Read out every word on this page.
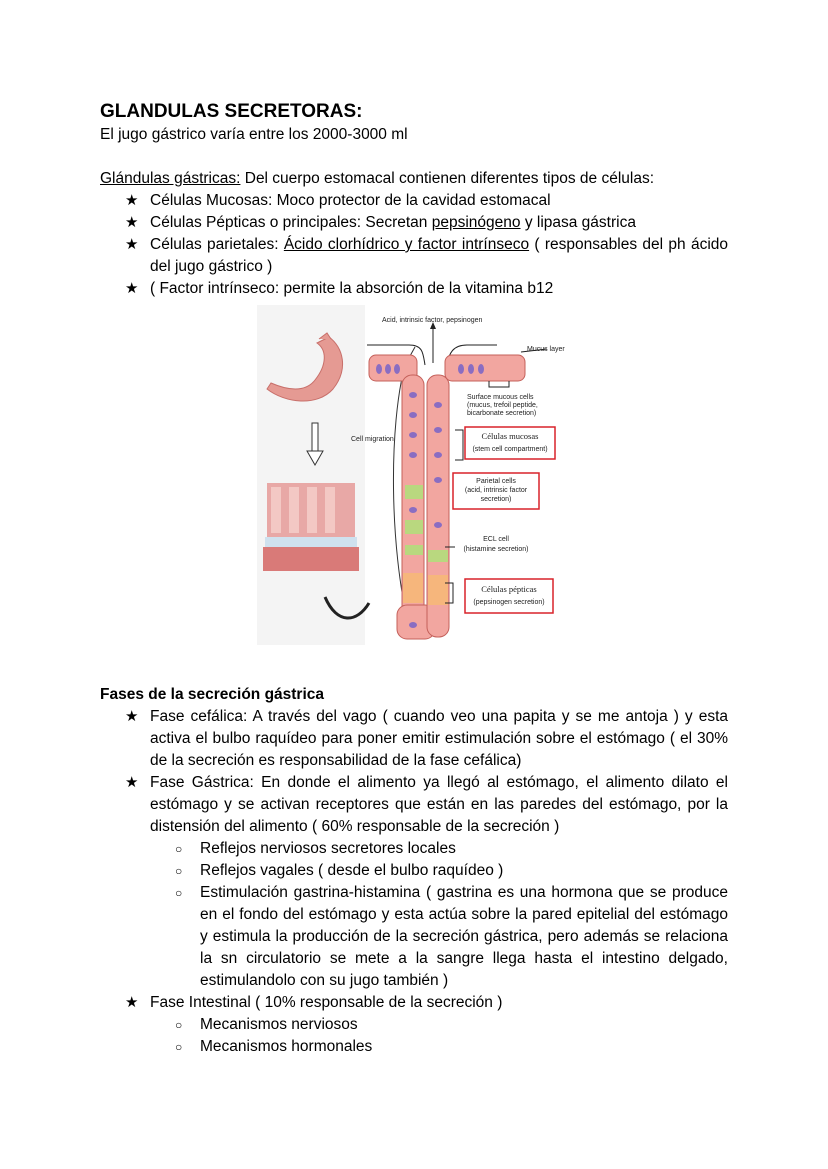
GLANDULAS SECRETORAS:

El jugo gástrico varía entre los 2000-3000 ml

Glándulas gástricas: Del cuerpo estomacal contienen diferentes tipos de células:

★ Células Mucosas: Moco protector de la cavidad estomacal
★ Células Pépticas o principales: Secretan pepsinógeno y lipasa gástrica
★ Células parietales: Ácido clorhídrico y factor intrínseco ( responsables del ph ácido del jugo gástrico )
★ ( Factor intrínseco: permite la absorción de la vitamina b12
Acid, intrinsic factor, pepsinogen
Mucus layer
Surface mucous cells
(mucus, trefoil peptide,
bicarbonate secretion)
Cell migration	Células mucosas
(stem cell compartment)
Parietal cells
(acid, intrinsic factor
secretion)
ECL cell
(histamine secretion)
Células pépticas
(pepsinogen secretion)
Fases de la secreción gástrica
★ Fase cefálica: A través del vago ( cuando veo una papita y se me antoja ) y esta activa el bulbo raquídeo para poner emitir estimulación sobre el estómago ( el 30% de la secreción es responsabilidad de la fase cefálica)
★ Fase Gástrica: En donde el alimento ya llegó al estómago, el alimento dilato el estómago y se activan receptores que están en las paredes del estómago, por la distensión del alimento ( 60% responsable de la secreción )
○ Reflejos nerviosos secretores locales
○ Reflejos vagales ( desde el bulbo raquídeo )
○ Estimulación gastrina-histamina ( gastrina es una hormona que se produce en el fondo del estómago y esta actúa sobre la pared epitelial del estómago y estimula la producción de la secreción gástrica, pero además se relaciona la sn circulatorio se mete a la sangre llega hasta el intestino delgado, estimulandolo con su jugo también )
★ Fase Intestinal ( 10% responsable de la secreción )
○ Mecanismos nerviosos
○ Mecanismos hormonales
